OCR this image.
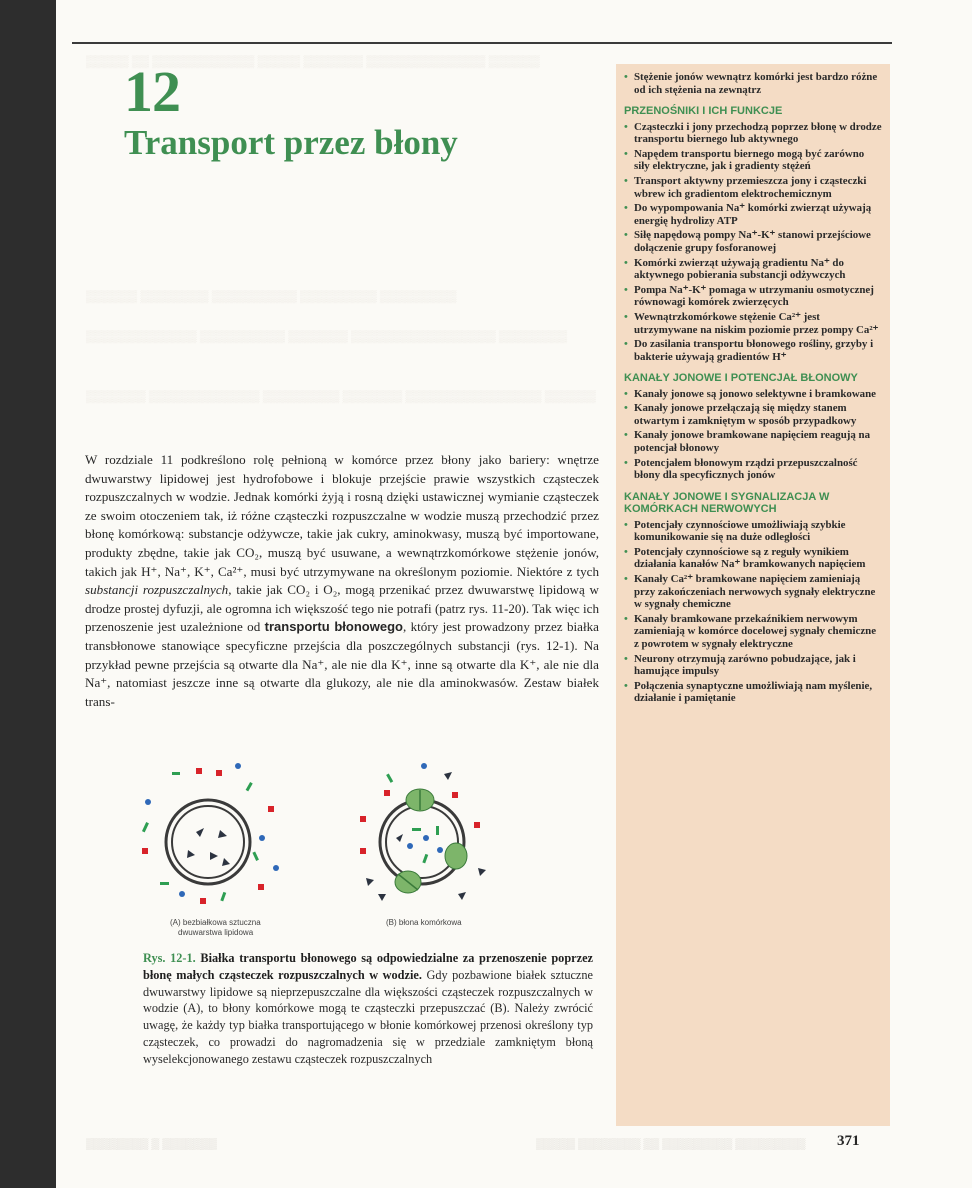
▒▒▒▒▒ ▒▒ ▒▒▒▒▒▒▒▒▒▒▒▒ ▒▒▒▒▒ ▒▒▒▒▒▒▒ ▒▒▒▒▒▒▒▒▒▒▒▒▒▒ ▒▒▒▒▒▒
▒▒▒▒▒▒ ▒▒▒▒▒▒▒▒ ▒▒▒▒▒▒▒▒▒▒ ▒▒▒▒▒▒▒▒▒ ▒▒▒▒▒▒▒▒▒
▒▒▒▒▒▒▒▒▒▒▒▒▒ ▒▒▒▒▒▒▒▒▒▒ ▒▒▒▒▒▒▒ ▒▒▒▒▒▒▒▒▒▒▒▒▒▒▒▒▒ ▒▒▒▒▒▒▒▒
▒▒▒▒▒▒▒ ▒▒▒▒▒▒▒▒▒▒▒▒▒ ▒▒▒▒▒▒▒▒▒ ▒▒▒▒▒▒▒ ▒▒▒▒▒▒▒▒▒▒▒▒▒▒▒▒ ▒▒▒▒▒▒
12
Transport przez błony

W rozdziale 11 podkreślono rolę pełnioną w komórce przez błony jako bariery: wnętrze dwuwarstwy lipidowej jest hydrofobowe i blokuje przejście prawie wszystkich cząsteczek rozpuszczalnych w wodzie. Jednak komórki żyją i rosną dzięki ustawicznej wymianie cząsteczek ze swoim otoczeniem tak, iż różne cząsteczki rozpuszczalne w wodzie muszą przechodzić przez błonę komórkową: substancje odżywcze, takie jak cukry, aminokwasy, muszą być importowane, produkty zbędne, takie jak CO₂, muszą być usuwane, a wewnątrzkomórkowe stężenie jonów, takich jak H⁺, Na⁺, K⁺, Ca²⁺, musi być utrzymywane na określonym poziomie. Niektóre z tych substancji rozpuszczalnych, takie jak CO₂ i O₂, mogą przenikać przez dwuwarstwę lipidową w drodze prostej dyfuzji, ale ogromna ich większość tego nie potrafi (patrz rys. 11-20). Tak więc ich przenoszenie jest uzależnione od transportu błonowego, który jest prowadzony przez białka transbłonowe stanowiące specyficzne przejścia dla poszczególnych substancji (rys. 12-1). Na przykład pewne przejścia są otwarte dla Na⁺, ale nie dla K⁺, inne są otwarte dla K⁺, ale nie dla Na⁺, natomiast jeszcze inne są otwarte dla glukozy, ale nie dla aminokwasów. Zestaw białek trans-

(A) bezbiałkowa sztuczna
dwuwarstwa lipidowa
(B) błona komórkowa

Rys. 12-1. Białka transportu błonowego są odpowiedzialne za przenoszenie poprzez błonę małych cząsteczek rozpuszczalnych w wodzie. Gdy pozbawione białek sztuczne dwuwarstwy lipidowe są nieprzepuszczalne dla większości cząsteczek rozpuszczalnych w wodzie (A), to błony komórkowe mogą te cząsteczki przepuszczać (B). Należy zwrócić uwagę, że każdy typ białka transportującego w błonie komórkowej przenosi określony typ cząsteczek, co prowadzi do nagromadzenia się w przedziale zamkniętym błoną wyselekcjonowanego zestawu cząsteczek rozpuszczalnych

• Stężenie jonów wewnątrz komórki jest bardzo różne od ich stężenia na zewnątrz
PRZENOŚNIKI I ICH FUNKCJE
• Cząsteczki i jony przechodzą poprzez błonę w drodze transportu biernego lub aktywnego
• Napędem transportu biernego mogą być zarówno siły elektryczne, jak i gradienty stężeń
• Transport aktywny przemieszcza jony i cząsteczki wbrew ich gradientom elektrochemicznym
• Do wypompowania Na⁺ komórki zwierząt używają energię hydrolizy ATP
• Siłę napędową pompy Na⁺-K⁺ stanowi przejściowe dołączenie grupy fosforanowej
• Komórki zwierząt używają gradientu Na⁺ do aktywnego pobierania substancji odżywczych
• Pompa Na⁺-K⁺ pomaga w utrzymaniu osmotycznej równowagi komórek zwierzęcych
• Wewnątrzkomórkowe stężenie Ca²⁺ jest utrzymywane na niskim poziomie przez pompy Ca²⁺
• Do zasilania transportu błonowego rośliny, grzyby i bakterie używają gradientów H⁺
KANAŁY JONOWE I POTENCJAŁ BŁONOWY
• Kanały jonowe są jonowo selektywne i bramkowane
• Kanały jonowe przełączają się między stanem otwartym i zamkniętym w sposób przypadkowy
• Kanały jonowe bramkowane napięciem reagują na potencjał błonowy
• Potencjałem błonowym rządzi przepuszczalność błony dla specyficznych jonów
KANAŁY JONOWE I SYGNALIZACJA W KOMÓRKACH NERWOWYCH
• Potencjały czynnościowe umożliwiają szybkie komunikowanie się na duże odległości
• Potencjały czynnościowe są z reguły wynikiem działania kanałów Na⁺ bramkowanych napięciem
• Kanały Ca²⁺ bramkowane napięciem zamieniają przy zakończeniach nerwowych sygnały elektryczne w sygnały chemiczne
• Kanały bramkowane przekaźnikiem nerwowym zamieniają w komórce docelowej sygnały chemiczne z powrotem w sygnały elektryczne
• Neurony otrzymują zarówno pobudzające, jak i hamujące impulsy
• Połączenia synaptyczne umożliwiają nam myślenie, działanie i pamiętanie
▒▒▒▒▒▒▒▒ ▒ ▒▒▒▒▒▒▒	▒▒▒▒▒ ▒▒▒▒▒▒▒▒ ▒▒ ▒▒▒▒▒▒▒▒▒ ▒▒▒▒▒▒▒▒▒ 371
